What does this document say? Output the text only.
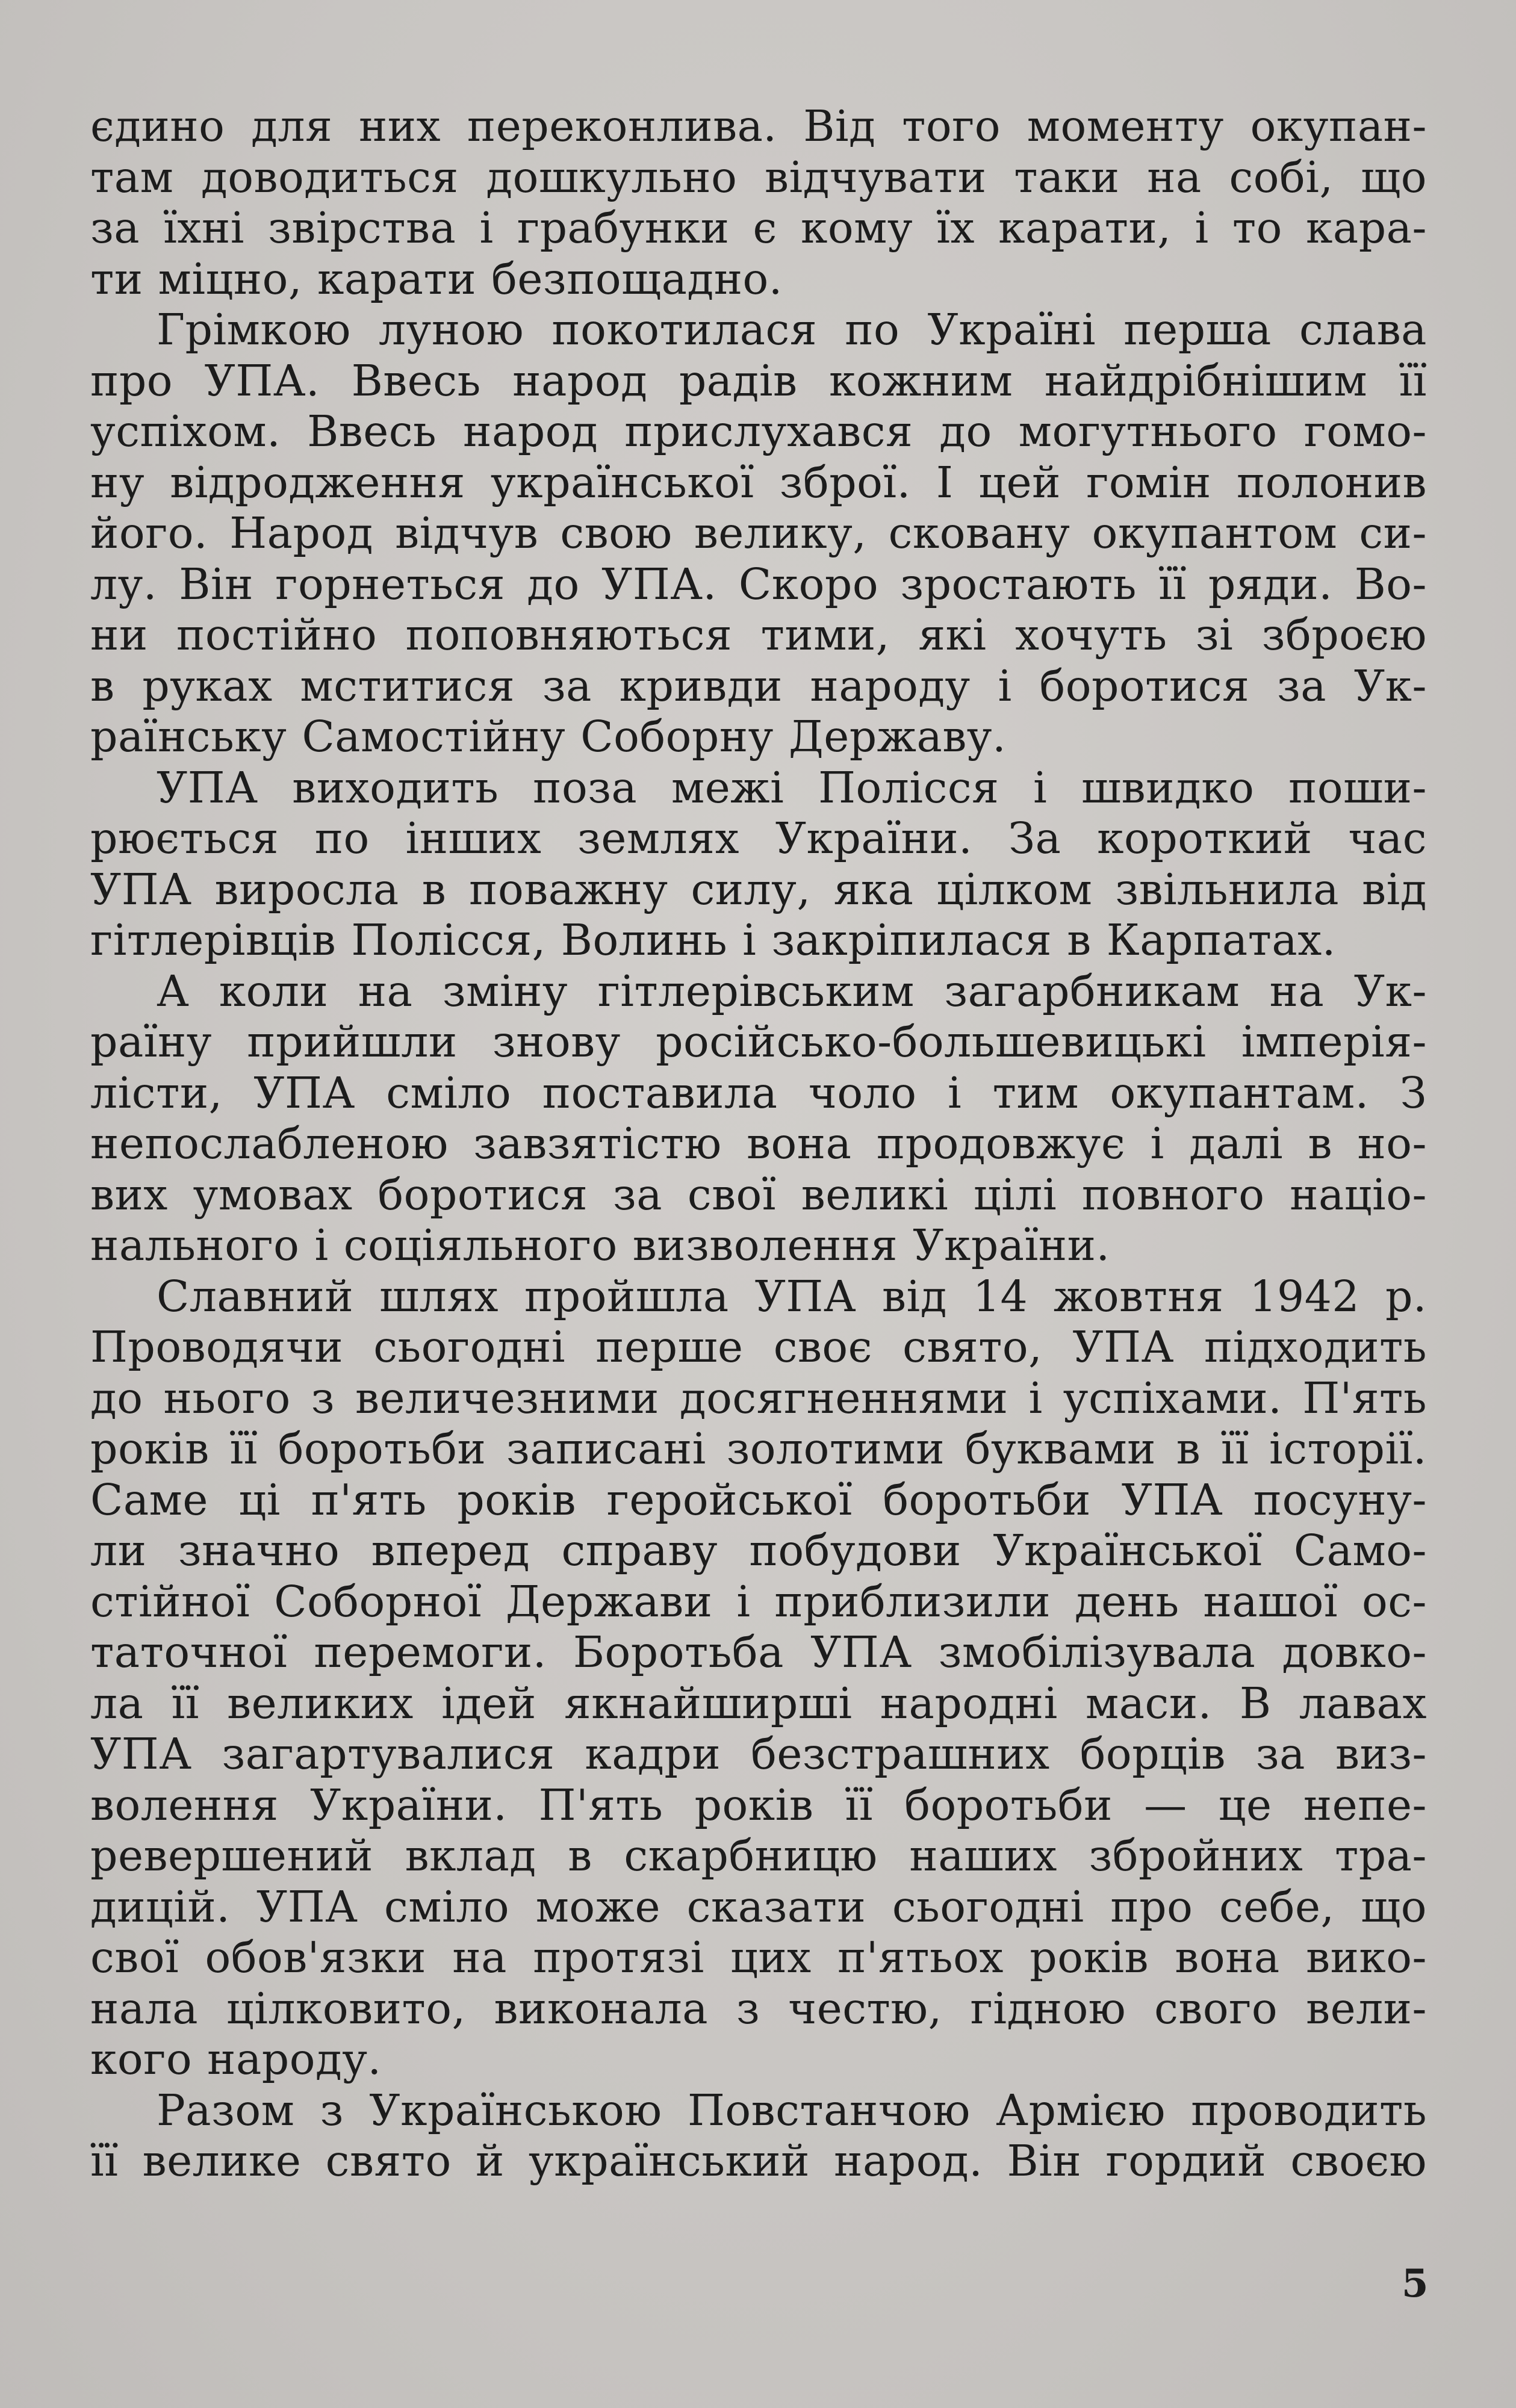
єдино для них переконлива. Від того моменту окупан-
там доводиться дошкульно відчувати таки на собі, що
за їхні звірства і грабунки є кому їх карати, і то кара-
ти міцно, карати безпощадно.
Грімкою луною покотилася по Україні перша слава
про УПА. Ввесь народ радів кожним найдрібнішим її
успіхом. Ввесь народ прислухався до могутнього гомо-
ну відродження української зброї. І цей гомін полонив
його. Народ відчув свою велику, сковану окупантом си-
лу. Він горнеться до УПА. Скоро зростають її ряди. Во-
ни постійно поповняються тими, які хочуть зі зброєю
в руках мститися за кривди народу і боротися за Ук-
раїнську Самостійну Соборну Державу.
УПА виходить поза межі Полісся і швидко поши-
рюється по інших землях України. За короткий час
УПА виросла в поважну силу, яка цілком звільнила від
гітлерівців Полісся, Волинь і закріпилася в Карпатах.
А коли на зміну гітлерівським загарбникам на Ук-
раїну прийшли знову російсько-большевицькі імперія-
лісти, УПА сміло поставила чоло і тим окупантам. З
непослабленою завзятістю вона продовжує і далі в но-
вих умовах боротися за свої великі цілі повного націо-
нального і соціяльного визволення України.
Славний шлях пройшла УПА від 14 жовтня 1942 р.
Проводячи сьогодні перше своє свято, УПА підходить
до нього з величезними досягненнями і успіхами. П'ять
років її боротьби записані золотими буквами в її історії.
Саме ці п'ять років геройської боротьби УПА посуну-
ли значно вперед справу побудови Української Само-
стійної Соборної Держави і приблизили день нашої ос-
таточної перемоги. Боротьба УПА змобілізувала довко-
ла її великих ідей якнайширші народні маси. В лавах
УПА загартувалися кадри безстрашних борців за виз-
волення України. П'ять років її боротьби — це непе-
ревершений вклад в скарбницю наших збройних тра-
дицій. УПА сміло може сказати сьогодні про себе, що
свої обов'язки на протязі цих п'ятьох років вона вико-
нала цілковито, виконала з честю, гідною свого вели-
кого народу.
Разом з Українською Повстанчою Армією проводить
її велике свято й український народ. Він гордий своєю
5
